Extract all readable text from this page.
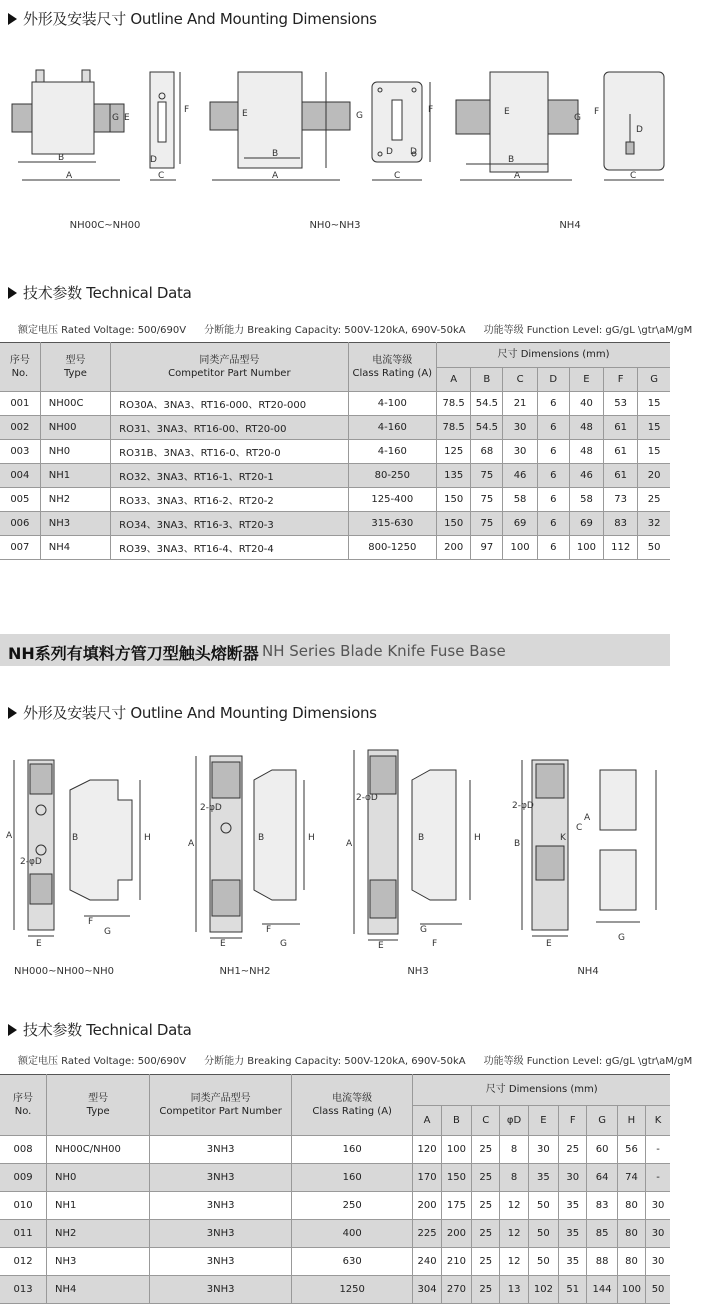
外形及安装尺寸 Outline And Mounting Dimensions
B
A
G E
F
C
D
B
A
E	G
F
C
D D
B
A
E
G
F
C
D
NH00C~NH00	NH0~NH3	NH4
技术参数 Technical Data
额定电压 Rated Voltage: 500/690V 分断能力 Breaking Capacity: 500V-120kA, 690V-50kA 功能等级 Function Level: gG/gL \gtr\aM/gM
序号
No.	型号
Type	同类产品型号
Competitor Part Number	电流等级
Class Rating (A)	尺寸 Dimensions (mm)						
				A	B	C	D	E	F	G
001	NH00C	RO30A、3NA3、RT16-000、RT20-000	4-100	78.5	54.5	21	6	40	53	15
002	NH00	RO31、3NA3、RT16-00、RT20-00	4-160	78.5	54.5	30	6	48	61	15
003	NH0	RO31B、3NA3、RT16-0、RT20-0	4-160	125	68	30	6	48	61	15
004	NH1	RO32、3NA3、RT16-1、RT20-1	80-250	135	75	46	6	46	61	20
005	NH2	RO33、3NA3、RT16-2、RT20-2	125-400	150	75	58	6	58	73	25
006	NH3	RO34、3NA3、RT16-3、RT20-3	315-630	150	75	69	6	69	83	32
007	NH4	RO39、3NA3、RT16-4、RT20-4	800-1250	200	97	100	6	100	112	50
NH系列有填料方管刀型触头熔断器 NH Series Blade Knife Fuse Base
外形及安装尺寸 Outline And Mounting Dimensions
A
E
F
G
B	H
2-φD
A
E
F
G
B	H
2-φD
A
E	F
G
B	H
2-φD
B
E
G
2-φD
C
A
K
NH000~NH00~NH0	NH1~NH2	NH3	NH4
技术参数 Technical Data
额定电压 Rated Voltage: 500/690V 分断能力 Breaking Capacity: 500V-120kA, 690V-50kA 功能等级 Function Level: gG/gL \gtr\aM/gM
序号
No.	型号
Type	同类产品型号
Competitor Part Number	电流等级
Class Rating (A)	尺寸 Dimensions (mm)								
				A	B	C	φD	E	F	G	H	K
008	NH00C/NH00	3NH3	160	120	100	25	8	30	25	60	56	-
009	NH0	3NH3	160	170	150	25	8	35	30	64	74	-
010	NH1	3NH3	250	200	175	25	12	50	35	83	80	30
011	NH2	3NH3	400	225	200	25	12	50	35	85	80	30
012	NH3	3NH3	630	240	210	25	12	50	35	88	80	30
013	NH4	3NH3	1250	304	270	25	13	102	51	144	100	50
